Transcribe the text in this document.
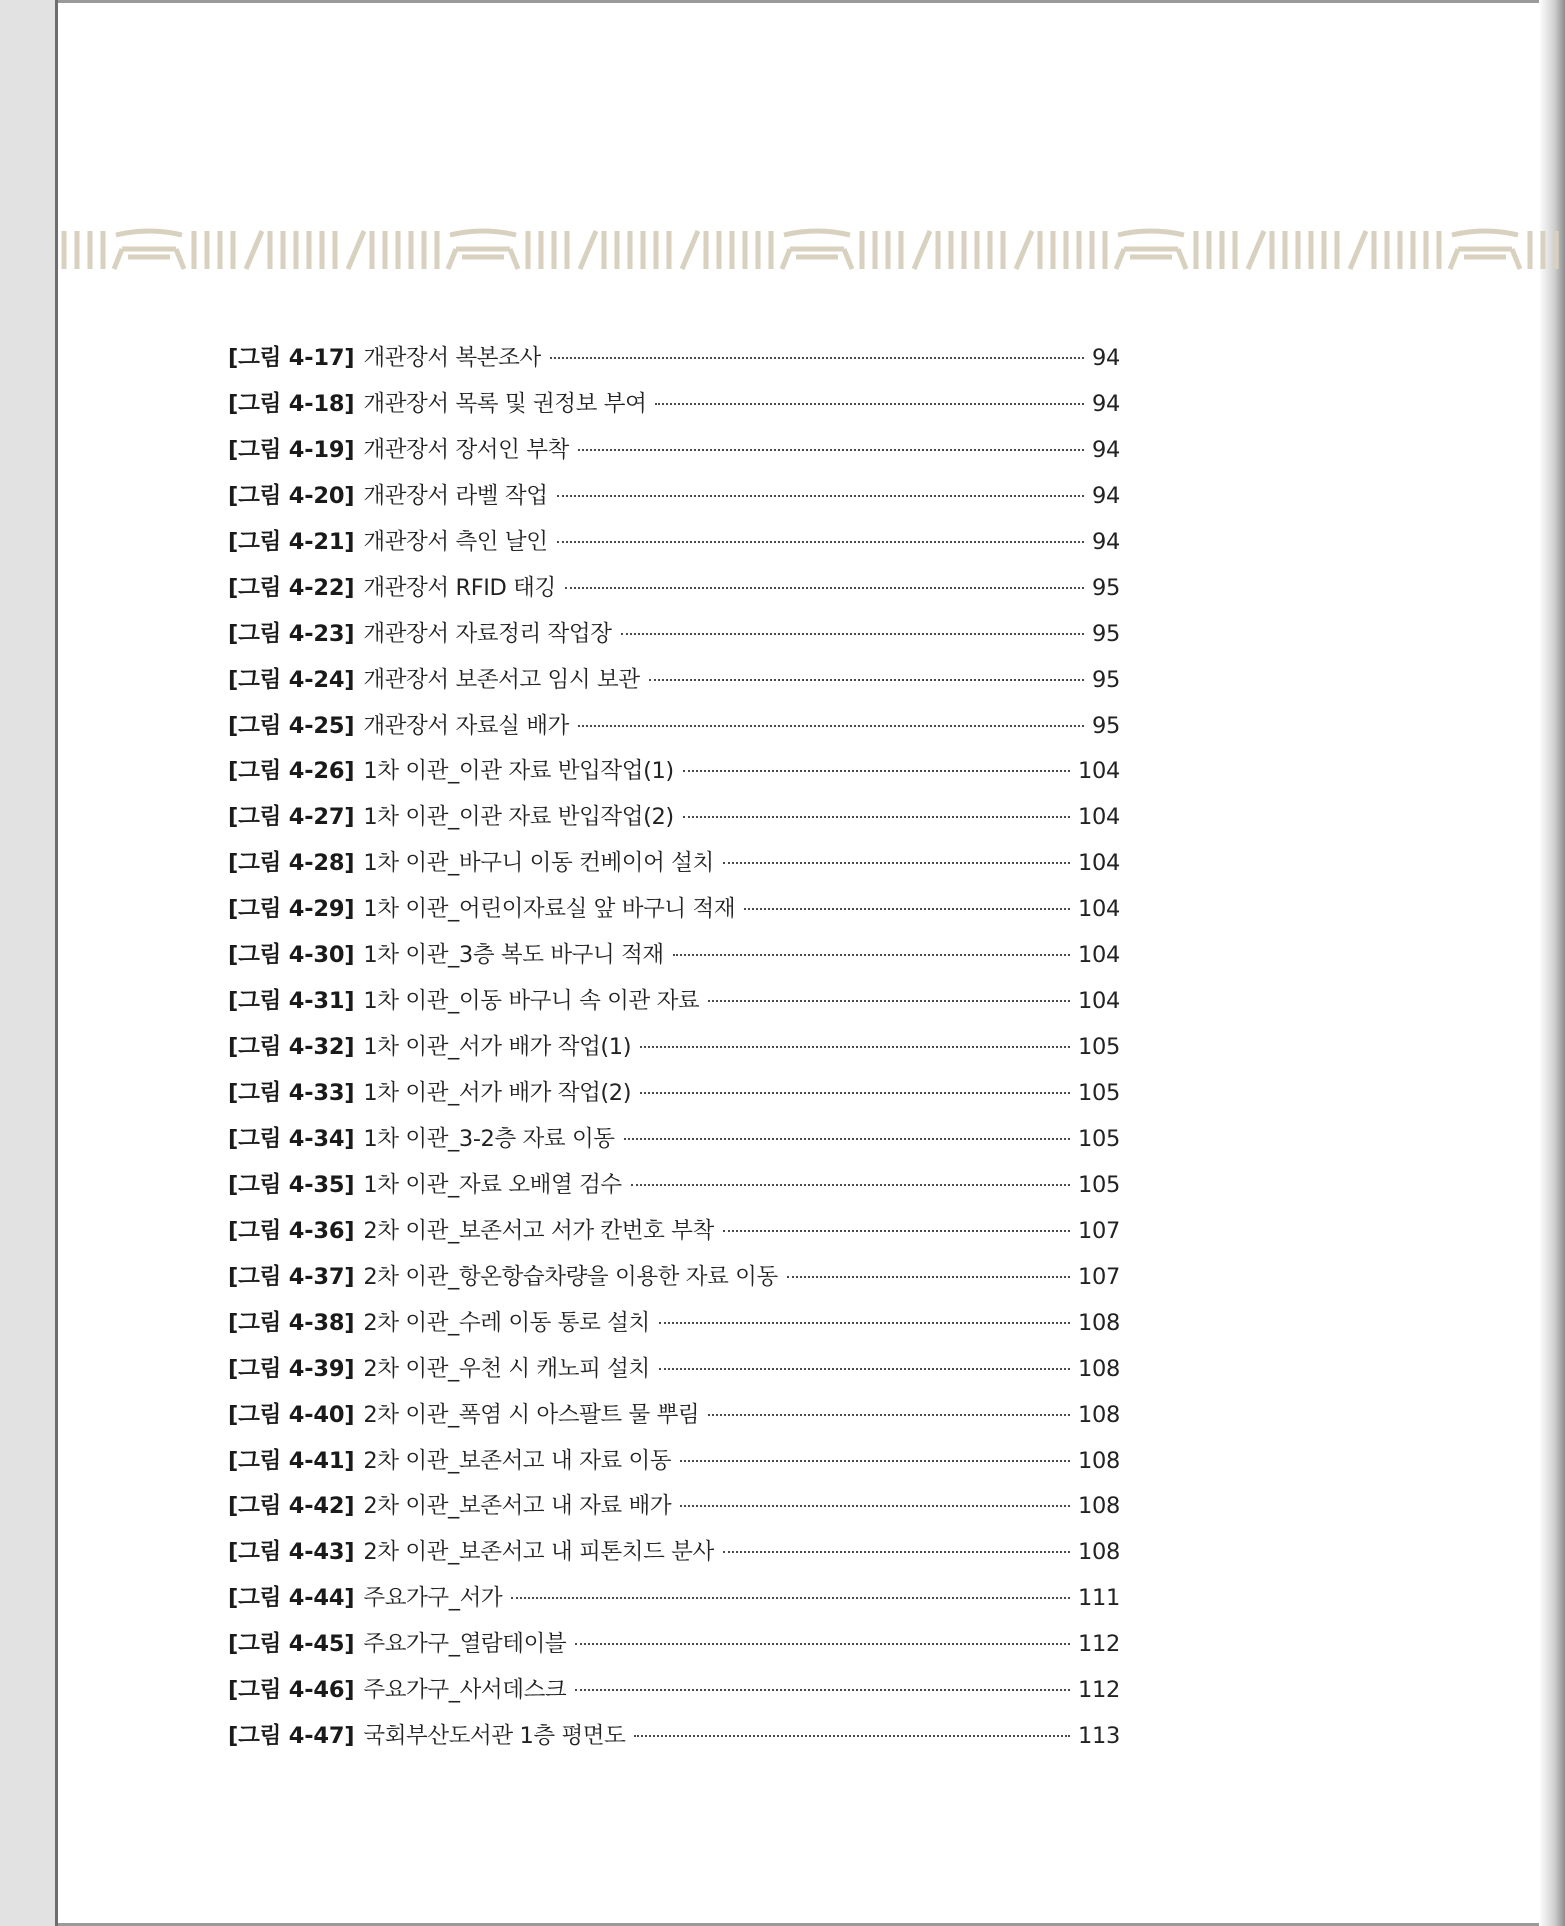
[그림 4-17] 개관장서 복본조사	94
[그림 4-18] 개관장서 목록 및 권정보 부여	94
[그림 4-19] 개관장서 장서인 부착	94
[그림 4-20] 개관장서 라벨 작업	94
[그림 4-21] 개관장서 측인 날인	94
[그림 4-22] 개관장서 RFID 태깅	95
[그림 4-23] 개관장서 자료정리 작업장	95
[그림 4-24] 개관장서 보존서고 임시 보관	95
[그림 4-25] 개관장서 자료실 배가	95
[그림 4-26] 1차 이관_이관 자료 반입작업(1)	104
[그림 4-27] 1차 이관_이관 자료 반입작업(2)	104
[그림 4-28] 1차 이관_바구니 이동 컨베이어 설치	104
[그림 4-29] 1차 이관_어린이자료실 앞 바구니 적재	104
[그림 4-30] 1차 이관_3층 복도 바구니 적재	104
[그림 4-31] 1차 이관_이동 바구니 속 이관 자료	104
[그림 4-32] 1차 이관_서가 배가 작업(1)	105
[그림 4-33] 1차 이관_서가 배가 작업(2)	105
[그림 4-34] 1차 이관_3-2층 자료 이동	105
[그림 4-35] 1차 이관_자료 오배열 검수	105
[그림 4-36] 2차 이관_보존서고 서가 칸번호 부착	107
[그림 4-37] 2차 이관_항온항습차량을 이용한 자료 이동	107
[그림 4-38] 2차 이관_수레 이동 통로 설치	108
[그림 4-39] 2차 이관_우천 시 캐노피 설치	108
[그림 4-40] 2차 이관_폭염 시 아스팔트 물 뿌림	108
[그림 4-41] 2차 이관_보존서고 내 자료 이동	108
[그림 4-42] 2차 이관_보존서고 내 자료 배가	108
[그림 4-43] 2차 이관_보존서고 내 피톤치드 분사	108
[그림 4-44] 주요가구_서가	111
[그림 4-45] 주요가구_열람테이블	112
[그림 4-46] 주요가구_사서데스크	112
[그림 4-47] 국회부산도서관 1층 평면도	113
